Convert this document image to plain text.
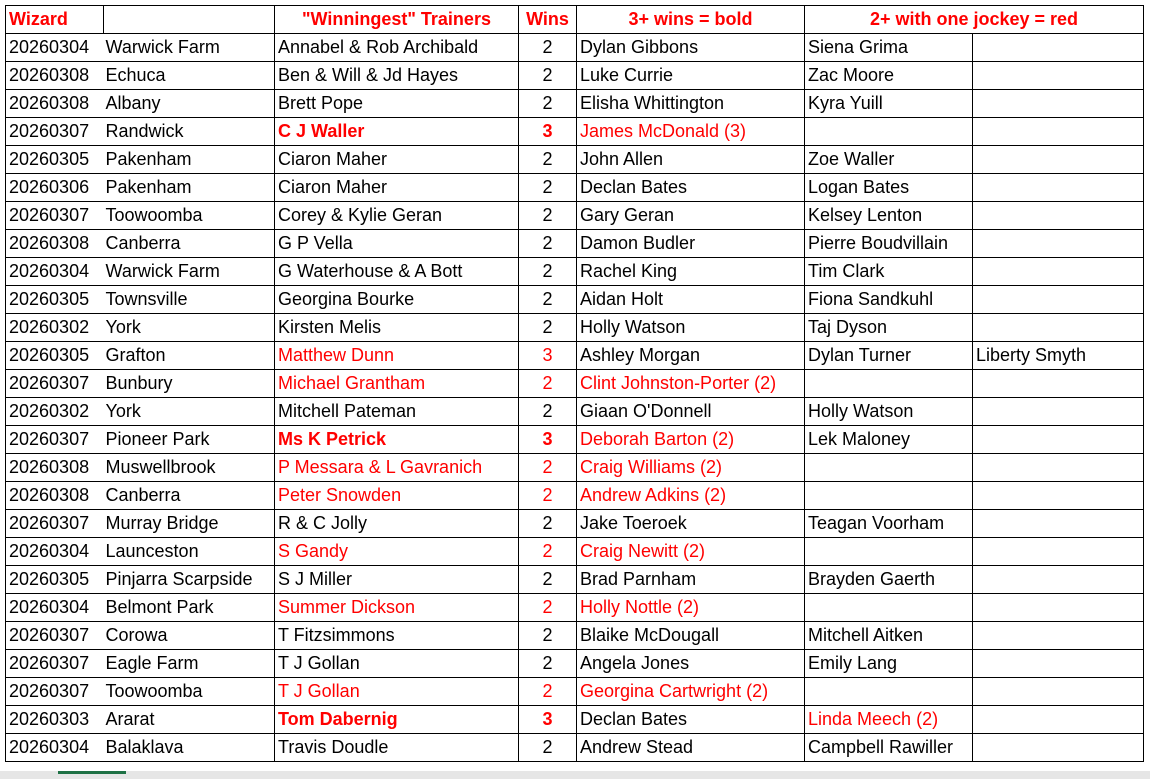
Wizard		"Winningest" Trainers	Wins	3+ wins = bold	2+ with one jockey = red	
20260304	Warwick Farm	Annabel & Rob Archibald	2	Dylan Gibbons	Siena Grima	
20260308	Echuca	Ben & Will & Jd Hayes	2	Luke Currie	Zac Moore	
20260308	Albany	Brett Pope	2	Elisha Whittington	Kyra Yuill	
20260307	Randwick	C J Waller	3	James McDonald (3)		
20260305	Pakenham	Ciaron Maher	2	John Allen	Zoe Waller	
20260306	Pakenham	Ciaron Maher	2	Declan Bates	Logan Bates	
20260307	Toowoomba	Corey & Kylie Geran	2	Gary Geran	Kelsey Lenton	
20260308	Canberra	G P Vella	2	Damon Budler	Pierre Boudvillain	
20260304	Warwick Farm	G Waterhouse & A Bott	2	Rachel King	Tim Clark	
20260305	Townsville	Georgina Bourke	2	Aidan Holt	Fiona Sandkuhl	
20260302	York	Kirsten Melis	2	Holly Watson	Taj Dyson	
20260305	Grafton	Matthew Dunn	3	Ashley Morgan	Dylan Turner	Liberty Smyth
20260307	Bunbury	Michael Grantham	2	Clint Johnston-Porter (2)		
20260302	York	Mitchell Pateman	2	Giaan O'Donnell	Holly Watson	
20260307	Pioneer Park	Ms K Petrick	3	Deborah Barton (2)	Lek Maloney	
20260308	Muswellbrook	P Messara & L Gavranich	2	Craig Williams (2)		
20260308	Canberra	Peter Snowden	2	Andrew Adkins (2)		
20260307	Murray Bridge	R & C Jolly	2	Jake Toeroek	Teagan Voorham	
20260304	Launceston	S Gandy	2	Craig Newitt (2)		
20260305	Pinjarra Scarpside	S J Miller	2	Brad Parnham	Brayden Gaerth	
20260304	Belmont Park	Summer Dickson	2	Holly Nottle (2)		
20260307	Corowa	T Fitzsimmons	2	Blaike McDougall	Mitchell Aitken	
20260307	Eagle Farm	T J Gollan	2	Angela Jones	Emily Lang	
20260307	Toowoomba	T J Gollan	2	Georgina Cartwright (2)		
20260303	Ararat	Tom Dabernig	3	Declan Bates	Linda Meech (2)	
20260304	Balaklava	Travis Doudle	2	Andrew Stead	Campbell Rawiller	
